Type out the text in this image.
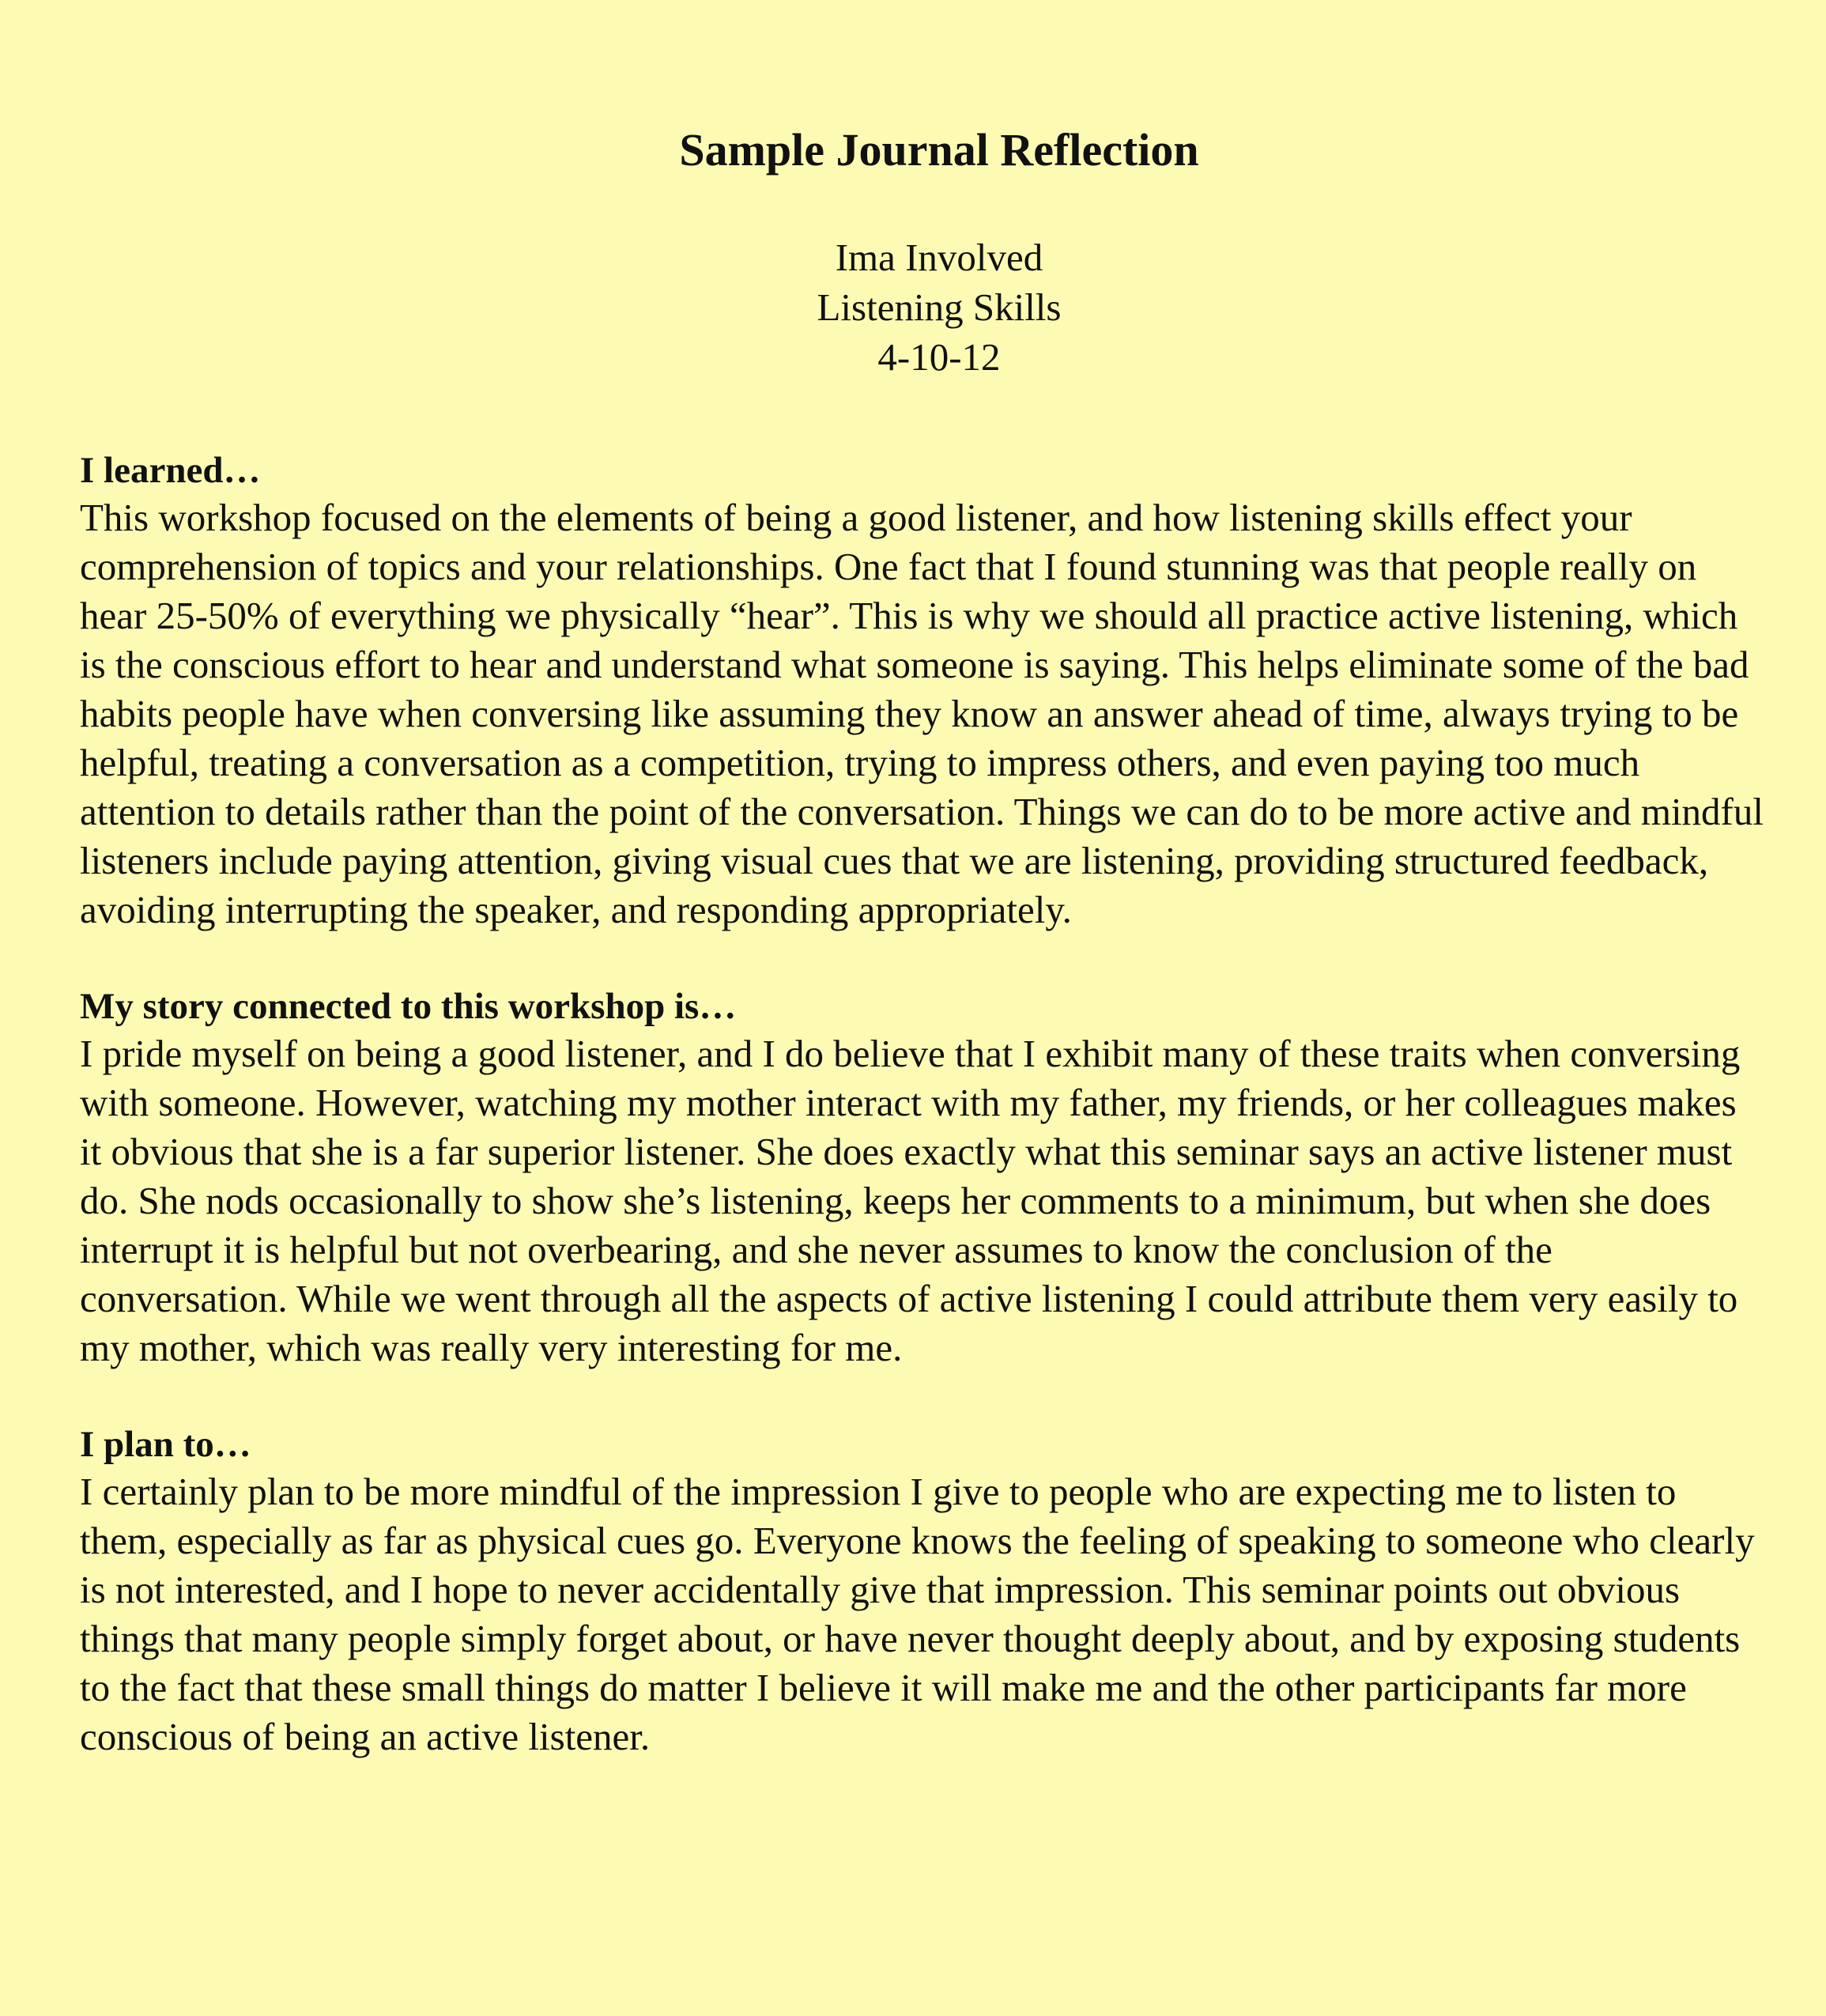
Sample Journal Reflection
Ima Involved
Listening Skills
4-10-12

I learned…

This workshop focused on the elements of being a good listener, and how listening skills effect your comprehension of topics and your relationships. One fact that I found stunning was that people really on hear 25-50% of everything we physically “hear”. This is why we should all practice active listening, which is the conscious effort to hear and understand what someone is saying. This helps eliminate some of the bad habits people have when conversing like assuming they know an answer ahead of time, always trying to be helpful, treating a conversation as a competition, trying to impress others, and even paying too much attention to details rather than the point of the conversation. Things we can do to be more active and mindful listeners include paying attention, giving visual cues that we are listening, providing structured feedback, avoiding interrupting the speaker, and responding appropriately.

My story connected to this workshop is…

I pride myself on being a good listener, and I do believe that I exhibit many of these traits when conversing with someone. However, watching my mother interact with my father, my friends, or her colleagues makes it obvious that she is a far superior listener. She does exactly what this seminar says an active listener must do. She nods occasionally to show she’s listening, keeps her comments to a minimum, but when she does interrupt it is helpful but not overbearing, and she never assumes to know the conclusion of the conversation. While we went through all the aspects of active listening I could attribute them very easily to my mother, which was really very interesting for me.

I plan to…

I certainly plan to be more mindful of the impression I give to people who are expecting me to listen to them, especially as far as physical cues go. Everyone knows the feeling of speaking to someone who clearly is not interested, and I hope to never accidentally give that impression. This seminar points out obvious things that many people simply forget about, or have never thought deeply about, and by exposing students to the fact that these small things do matter I believe it will make me and the other participants far more conscious of being an active listener.
